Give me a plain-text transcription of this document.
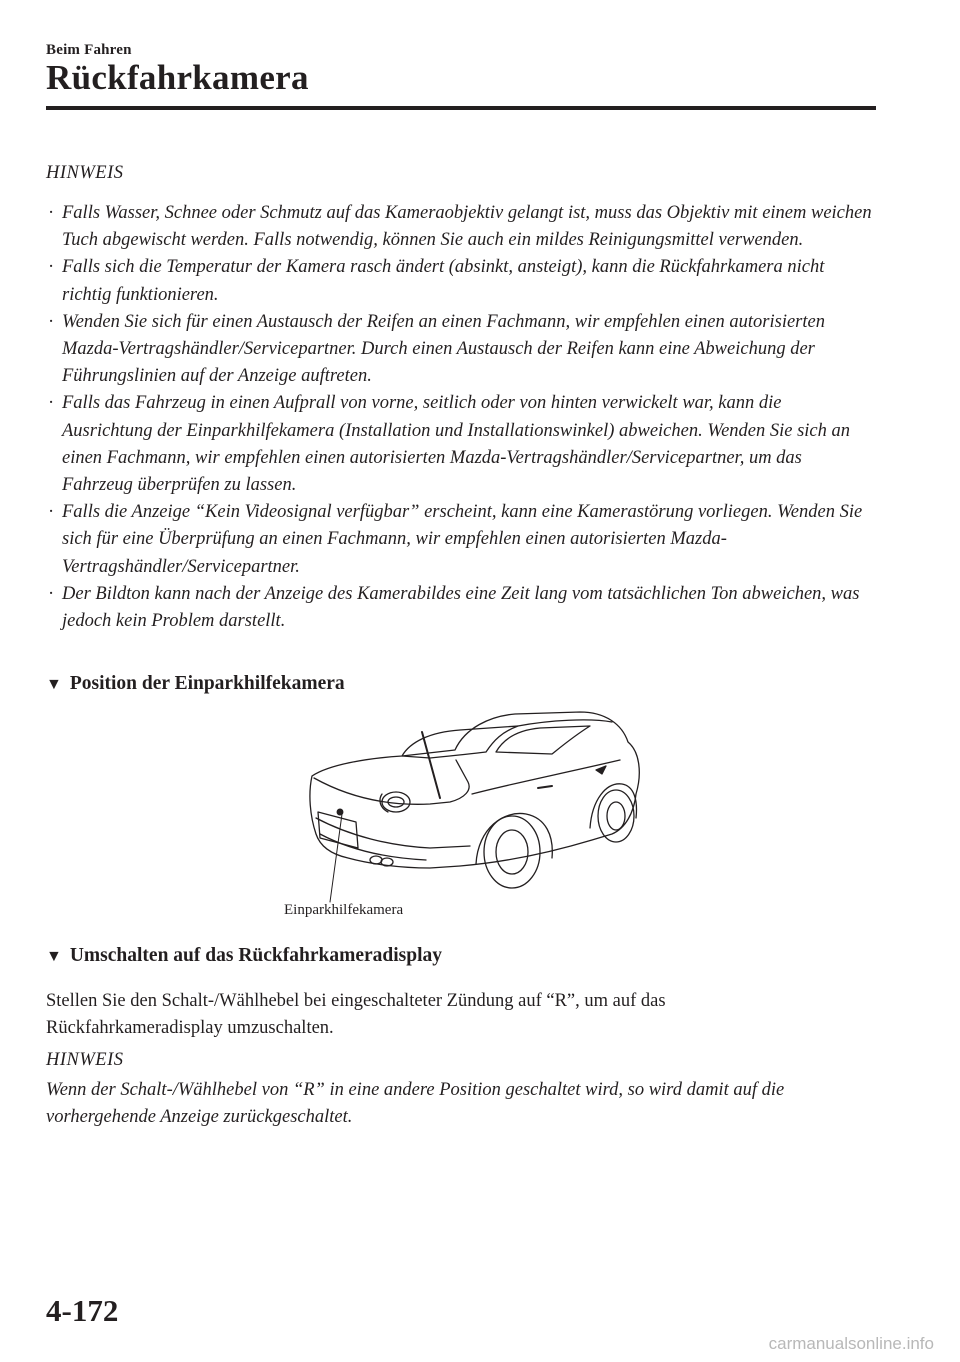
Beim Fahren
Rückfahrkamera
HINWEIS
· Falls Wasser, Schnee oder Schmutz auf das Kameraobjektiv gelangt ist, muss das Objektiv mit einem weichen Tuch abgewischt werden. Falls notwendig, können Sie auch ein mildes Reinigungsmittel verwenden.
· Falls sich die Temperatur der Kamera rasch ändert (absinkt, ansteigt), kann die Rückfahrkamera nicht richtig funktionieren.
· Wenden Sie sich für einen Austausch der Reifen an einen Fachmann, wir empfehlen einen autorisierten Mazda-Vertragshändler/Servicepartner. Durch einen Austausch der Reifen kann eine Abweichung der Führungslinien auf der Anzeige auftreten.
· Falls das Fahrzeug in einen Aufprall von vorne, seitlich oder von hinten verwickelt war, kann die Ausrichtung der Einparkhilfekamera (Installation und Installationswinkel) abweichen. Wenden Sie sich an einen Fachmann, wir empfehlen einen autorisierten Mazda-Vertragshändler/Servicepartner, um das Fahrzeug überprüfen zu lassen.
· Falls die Anzeige “Kein Videosignal verfügbar” erscheint, kann eine Kamerastörung vorliegen. Wenden Sie sich für eine Überprüfung an einen Fachmann, wir empfehlen einen autorisierten Mazda-Vertragshändler/Servicepartner.
· Der Bildton kann nach der Anzeige des Kamerabildes eine Zeit lang vom tatsächlichen Ton abweichen, was jedoch kein Problem darstellt.
▼ Position der Einparkhilfekamera
Einparkhilfekamera
▼ Umschalten auf das Rückfahrkameradisplay
Stellen Sie den Schalt-/Wählhebel bei eingeschalteter Zündung auf “R”, um auf das Rückfahrkameradisplay umzuschalten.
HINWEIS
Wenn der Schalt-/Wählhebel von “R” in eine andere Position geschaltet wird, so wird damit auf die vorhergehende Anzeige zurückgeschaltet.
4-172
carmanualsonline.info
